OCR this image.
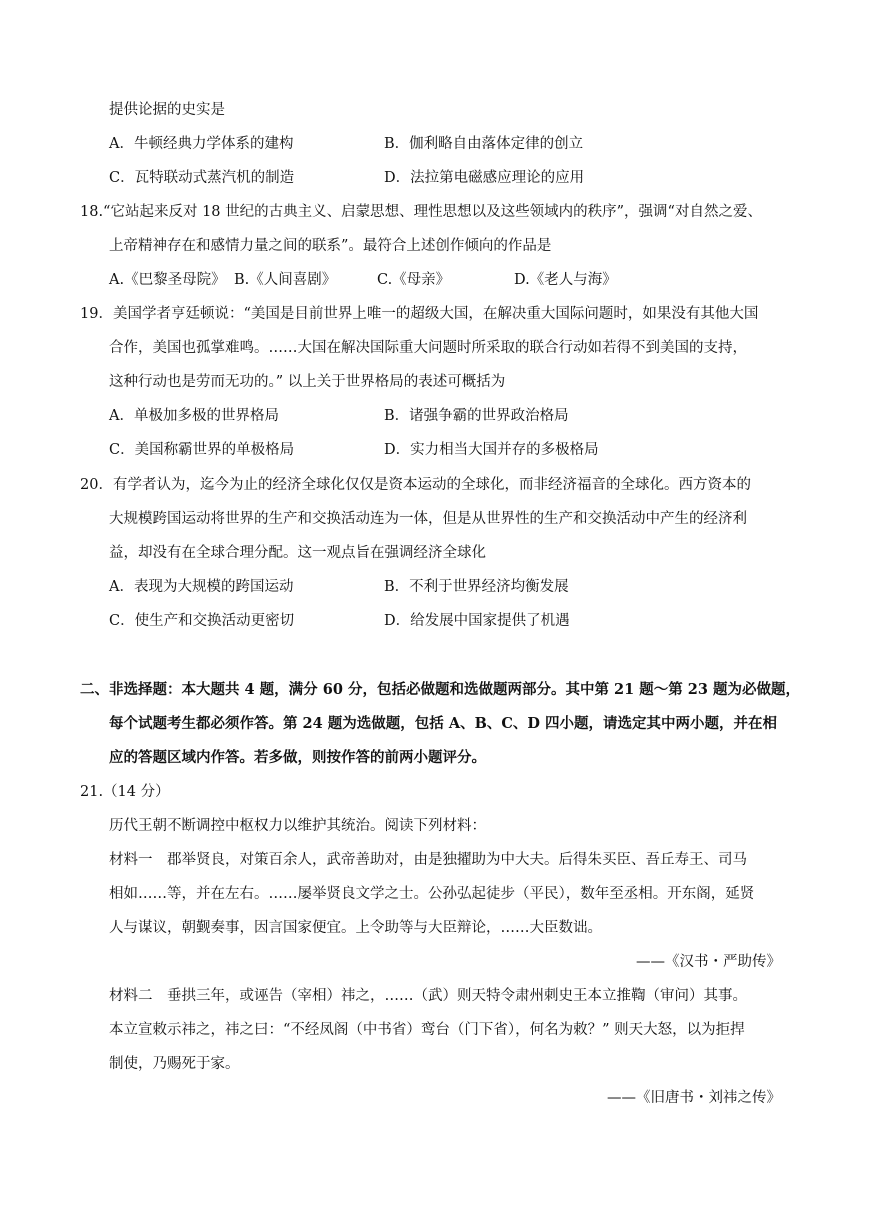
提供论据的史实是
A．牛顿经典力学体系的建构	B．伽利略自由落体定律的创立
C．瓦特联动式蒸汽机的制造	D．法拉第电磁感应理论的应用
18.“它站起来反对 18 世纪的古典主义、启蒙思想、理性思想以及这些领域内的秩序”，强调“对自然之爱、
上帝精神存在和感情力量之间的联系”。最符合上述创作倾向的作品是
A.《巴黎圣母院》 B.《人间喜剧》	C.《母亲》	D.《老人与海》
19．美国学者亨廷顿说：“美国是目前世界上唯一的超级大国，在解决重大国际问题时，如果没有其他大国
合作，美国也孤掌难鸣。……大国在解决国际重大问题时所采取的联合行动如若得不到美国的支持，
这种行动也是劳而无功的。” 以上关于世界格局的表述可概括为
A．单极加多极的世界格局	B．诸强争霸的世界政治格局
C．美国称霸世界的单极格局	D．实力相当大国并存的多极格局
20．有学者认为，迄今为止的经济全球化仅仅是资本运动的全球化，而非经济福音的全球化。西方资本的
大规模跨国运动将世界的生产和交换活动连为一体，但是从世界性的生产和交换活动中产生的经济利
益，却没有在全球合理分配。这一观点旨在强调经济全球化
A．表现为大规模的跨国运动	B．不利于世界经济均衡发展
C．使生产和交换活动更密切	D．给发展中国家提供了机遇
二、非选择题：本大题共 4 题，满分 60 分，包括必做题和选做题两部分。其中第 21 题～第 23 题为必做题，
每个试题考生都必须作答。第 24 题为选做题，包括 A、B、C、D 四小题，请选定其中两小题，并在相
应的答题区域内作答。若多做，则按作答的前两小题评分。
21.（14 分）
历代王朝不断调控中枢权力以维护其统治。阅读下列材料：
材料一　郡举贤良，对策百余人，武帝善助对，由是独擢助为中大夫。后得朱买臣、吾丘寿王、司马
相如……等，并在左右。……屡举贤良文学之士。公孙弘起徒步（平民），数年至丞相。开东阁，延贤
人与谋议，朝觐奏事，因言国家便宜。上令助等与大臣辩论，……大臣数诎。
——《汉书・严助传》
材料二　垂拱三年，或诬告（宰相）祎之，……（武）则天特令肃州刺史王本立推鞫（审问）其事。
本立宣敕示祎之，祎之曰：“不经凤阁（中书省）鸾台（门下省），何名为敕？” 则天大怒，以为拒捍
制使，乃赐死于家。
——《旧唐书・刘祎之传》
